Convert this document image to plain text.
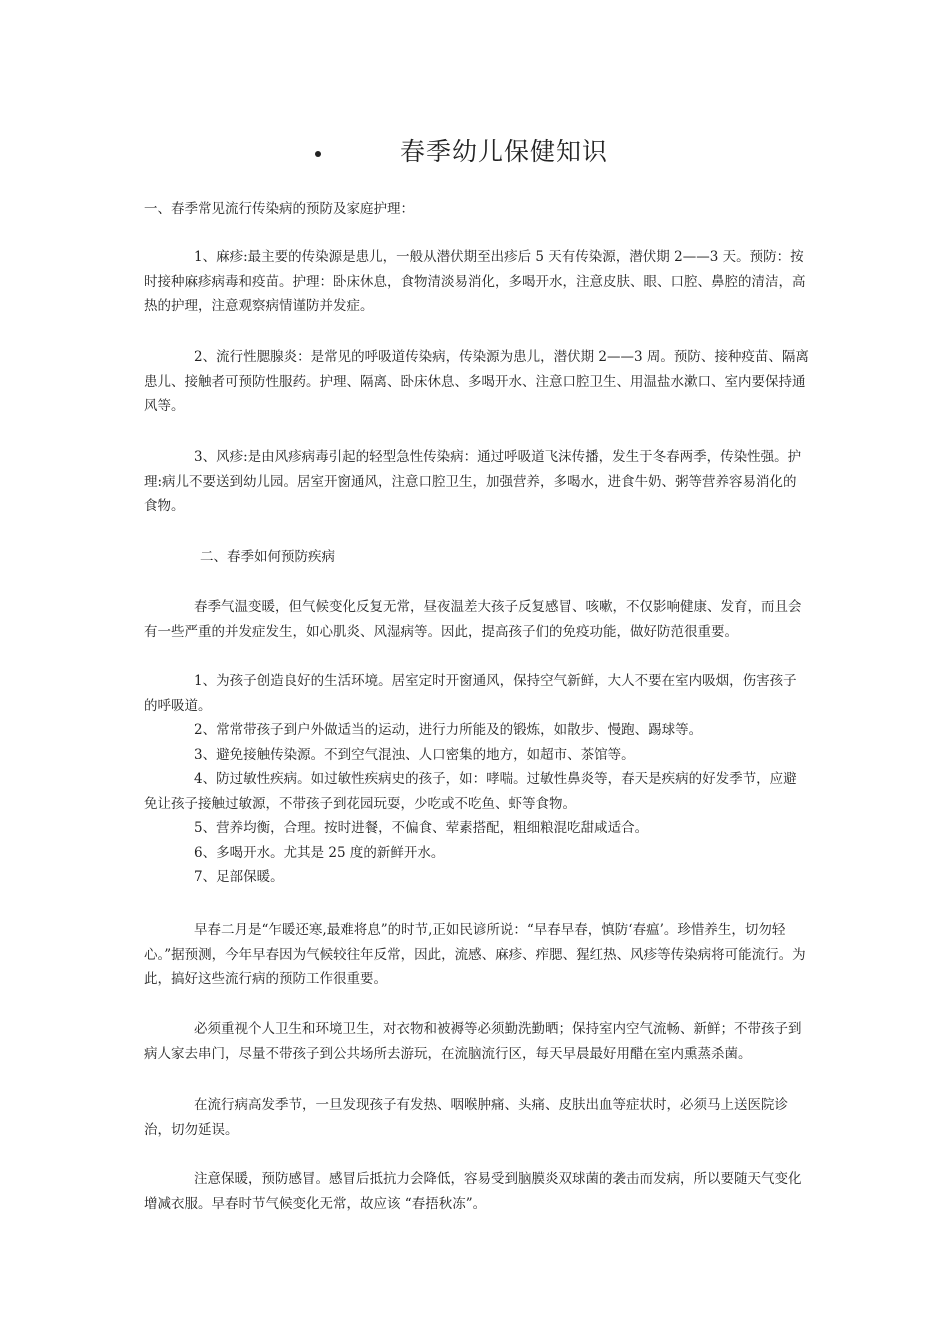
春季幼儿保健知识

一、春季常见流行传染病的预防及家庭护理：

1、麻疹:最主要的传染源是患儿，一般从潜伏期至出疹后 5 天有传染源，潜伏期 2——3 天。预防：按时接种麻疹病毒和疫苗。护理：卧床休息，食物清淡易消化，多喝开水，注意皮肤、眼、口腔、鼻腔的清洁，高热的护理，注意观察病情谨防并发症。

2、流行性腮腺炎：是常见的呼吸道传染病，传染源为患儿，潜伏期 2——3 周。预防、接种疫苗、隔离患儿、接触者可预防性服药。护理、隔离、卧床休息、多喝开水、注意口腔卫生、用温盐水漱口、室内要保持通风等。

3、风疹:是由风疹病毒引起的轻型急性传染病：通过呼吸道飞沫传播，发生于冬春两季，传染性强。护理:病儿不要送到幼儿园。居室开窗通风，注意口腔卫生，加强营养，多喝水，进食牛奶、粥等营养容易消化的食物。

二、春季如何预防疾病

春季气温变暖，但气候变化反复无常，昼夜温差大孩子反复感冒、咳嗽，不仅影响健康、发育，而且会有一些严重的并发症发生，如心肌炎、风湿病等。因此，提高孩子们的免疫功能，做好防范很重要。

1、为孩子创造良好的生活环境。居室定时开窗通风，保持空气新鲜，大人不要在室内吸烟，伤害孩子的呼吸道。

2、常常带孩子到户外做适当的运动，进行力所能及的锻炼，如散步、慢跑、踢球等。

3、避免接触传染源。不到空气混浊、人口密集的地方，如超市、茶馆等。

4、防过敏性疾病。如过敏性疾病史的孩子，如：哮喘。过敏性鼻炎等，春天是疾病的好发季节，应避免让孩子接触过敏源，不带孩子到花园玩耍，少吃或不吃鱼、虾等食物。

5、营养均衡，合理。按时进餐，不偏食、荤素搭配，粗细粮混吃甜咸适合。

6、多喝开水。尤其是 25 度的新鲜开水。

7、足部保暖。

早春二月是“乍暖还寒,最难将息”的时节,正如民谚所说：“早春早春，慎防‘春瘟’。珍惜养生，切勿轻心。”据预测，今年早春因为气候较往年反常，因此，流感、麻疹、痄腮、猩红热、风疹等传染病将可能流行。为此，搞好这些流行病的预防工作很重要。

必须重视个人卫生和环境卫生，对衣物和被褥等必须勤洗勤晒；保持室内空气流畅、新鲜；不带孩子到病人家去串门，尽量不带孩子到公共场所去游玩，在流脑流行区，每天早晨最好用醋在室内熏蒸杀菌。

在流行病高发季节，一旦发现孩子有发热、咽喉肿痛、头痛、皮肤出血等症状时，必须马上送医院诊治，切勿延误。

注意保暖，预防感冒。感冒后抵抗力会降低，容易受到脑膜炎双球菌的袭击而发病，所以要随天气变化增减衣服。早春时节气候变化无常，故应该 “春捂秋冻”。
